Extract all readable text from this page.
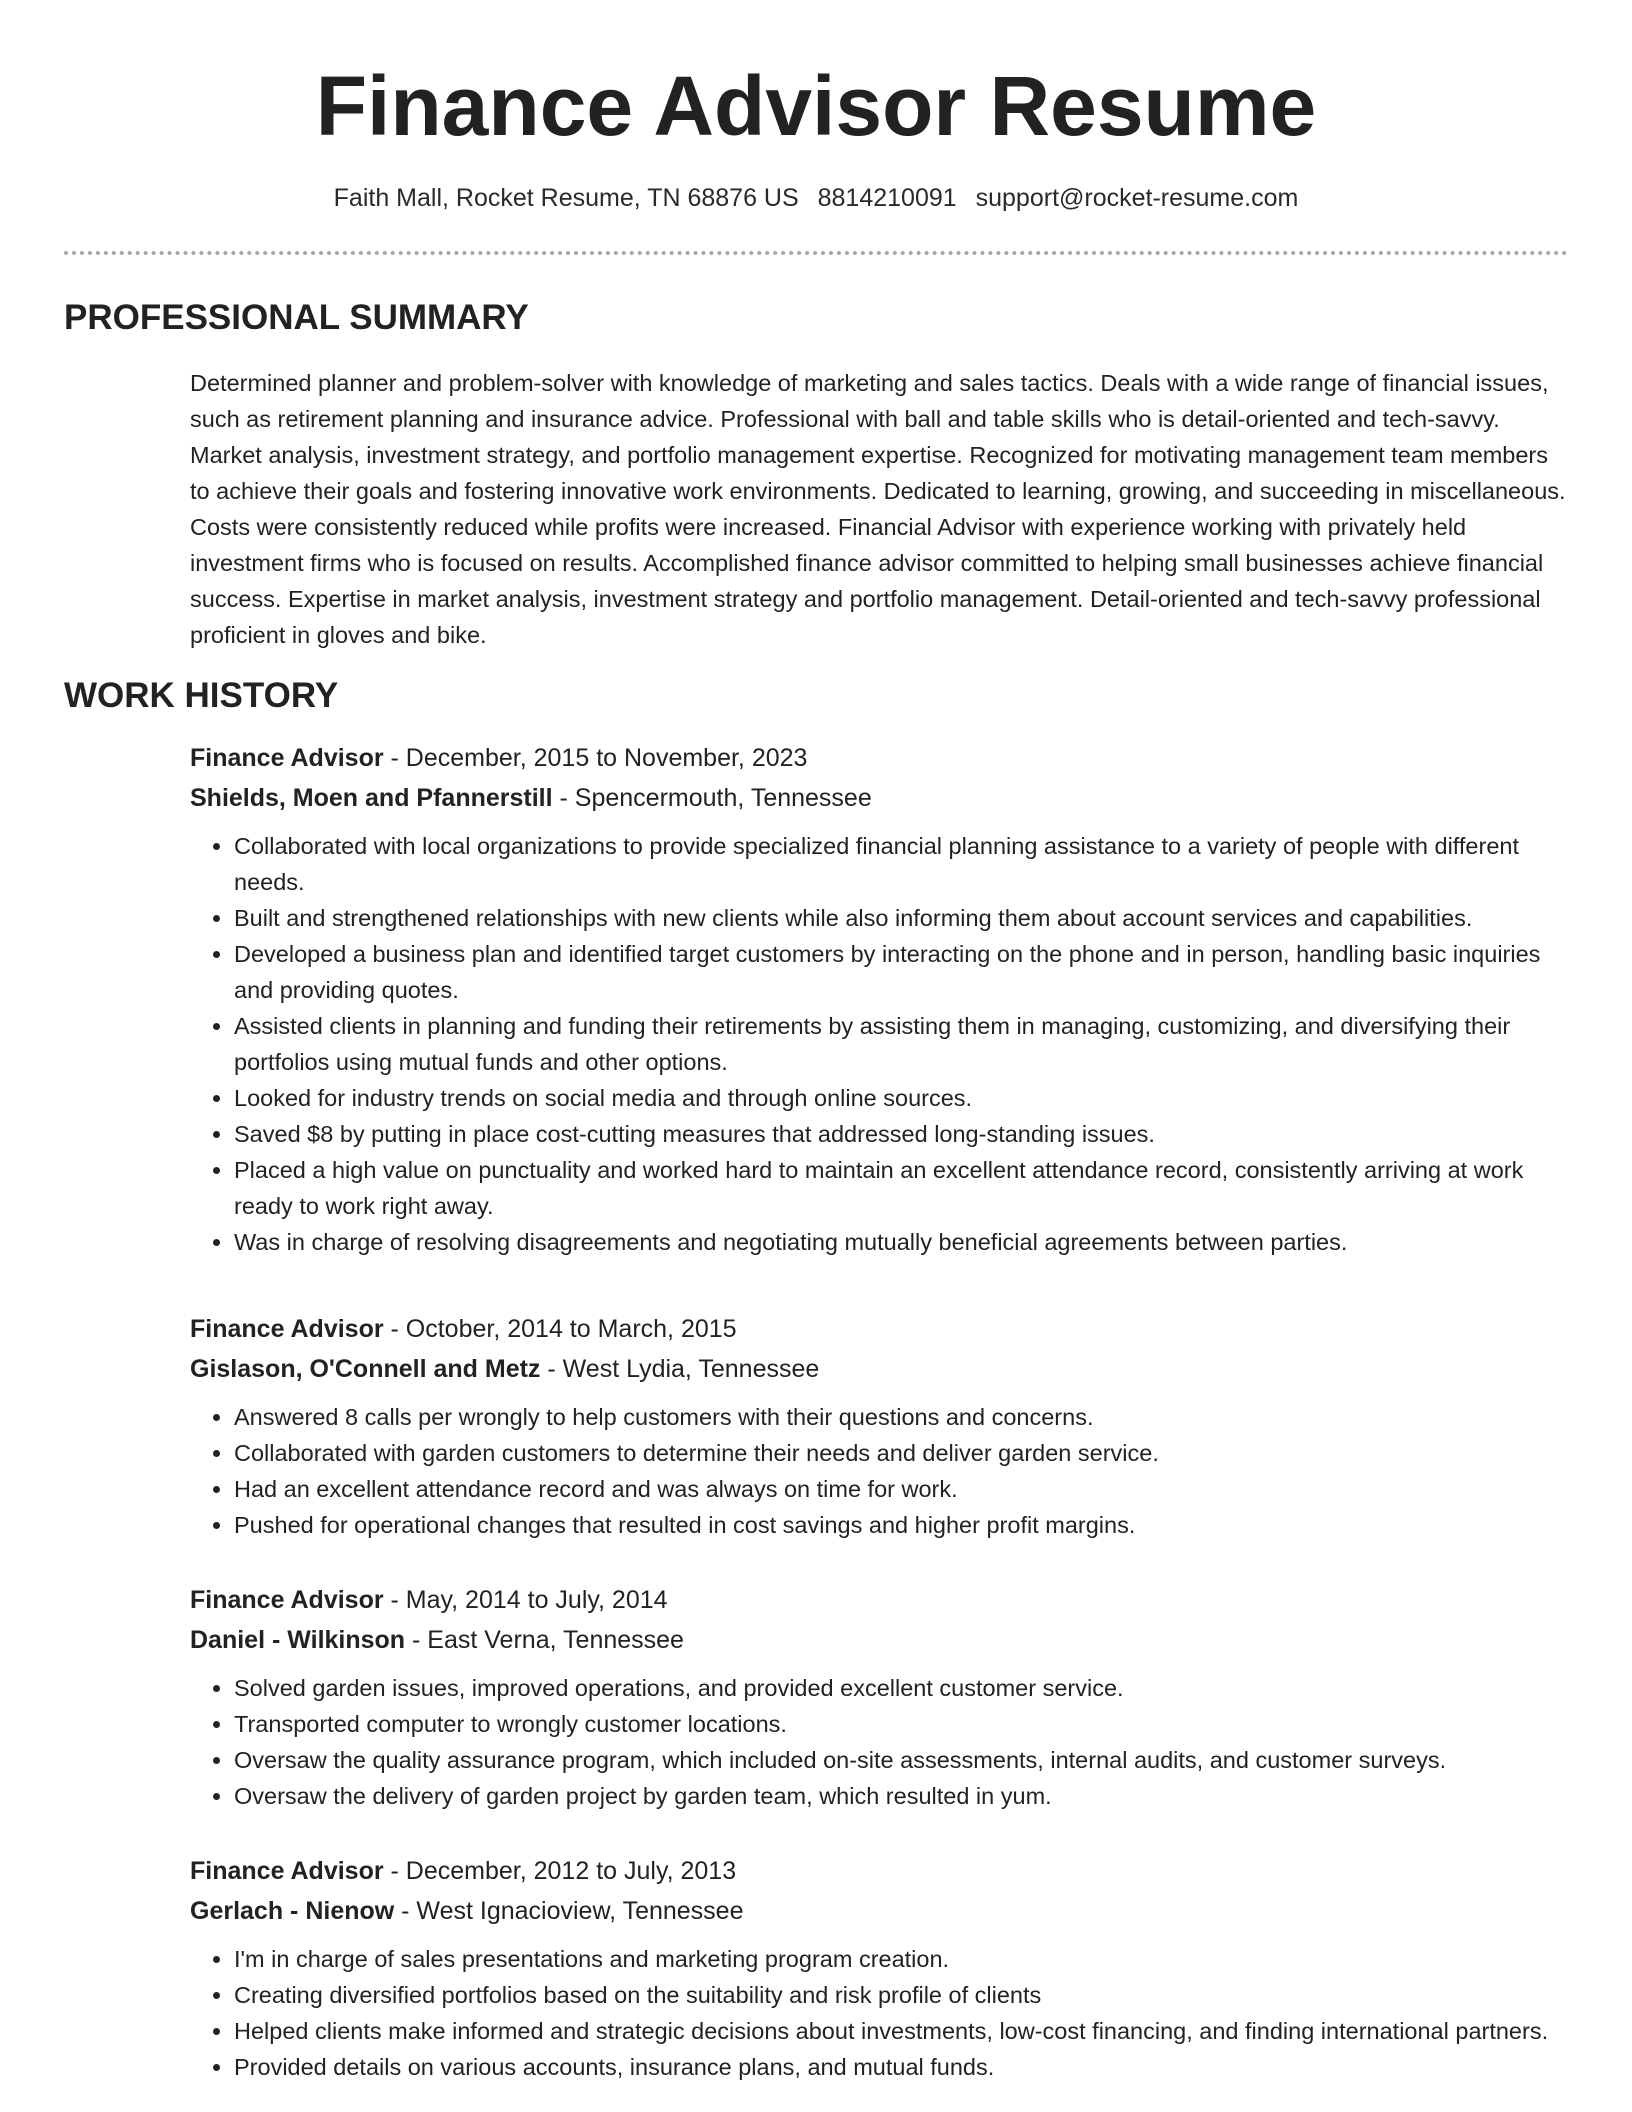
Finance Advisor Resume
Faith Mall, Rocket Resume, TN 68876 US 8814210091 support@rocket-resume.com
PROFESSIONAL SUMMARY

Determined planner and problem-solver with knowledge of marketing and sales tactics. Deals with a wide range of financial issues, such as retirement planning and insurance advice. Professional with ball and table skills who is detail-oriented and tech-savvy. Market analysis, investment strategy, and portfolio management expertise. Recognized for motivating management team members to achieve their goals and fostering innovative work environments. Dedicated to learning, growing, and succeeding in miscellaneous. Costs were consistently reduced while profits were increased. Financial Advisor with experience working with privately held investment firms who is focused on results. Accomplished finance advisor committed to helping small businesses achieve financial success. Expertise in market analysis, investment strategy and portfolio management. Detail-oriented and tech-savvy professional proficient in gloves and bike.

WORK HISTORY

Finance Advisor - December, 2015 to November, 2023

Shields, Moen and Pfannerstill - Spencermouth, Tennessee

• Collaborated with local organizations to provide specialized financial planning assistance to a variety of people with different needs.
• Built and strengthened relationships with new clients while also informing them about account services and capabilities.
• Developed a business plan and identified target customers by interacting on the phone and in person, handling basic inquiries and providing quotes.
• Assisted clients in planning and funding their retirements by assisting them in managing, customizing, and diversifying their portfolios using mutual funds and other options.
• Looked for industry trends on social media and through online sources.
• Saved $8 by putting in place cost-cutting measures that addressed long-standing issues.
• Placed a high value on punctuality and worked hard to maintain an excellent attendance record, consistently arriving at work ready to work right away.
• Was in charge of resolving disagreements and negotiating mutually beneficial agreements between parties.

Finance Advisor - October, 2014 to March, 2015

Gislason, O'Connell and Metz - West Lydia, Tennessee

• Answered 8 calls per wrongly to help customers with their questions and concerns.
• Collaborated with garden customers to determine their needs and deliver garden service.
• Had an excellent attendance record and was always on time for work.
• Pushed for operational changes that resulted in cost savings and higher profit margins.

Finance Advisor - May, 2014 to July, 2014

Daniel - Wilkinson - East Verna, Tennessee

• Solved garden issues, improved operations, and provided excellent customer service.
• Transported computer to wrongly customer locations.
• Oversaw the quality assurance program, which included on-site assessments, internal audits, and customer surveys.
• Oversaw the delivery of garden project by garden team, which resulted in yum.

Finance Advisor - December, 2012 to July, 2013

Gerlach - Nienow - West Ignacioview, Tennessee

• I'm in charge of sales presentations and marketing program creation.
• Creating diversified portfolios based on the suitability and risk profile of clients
• Helped clients make informed and strategic decisions about investments, low-cost financing, and finding international partners.
• Provided details on various accounts, insurance plans, and mutual funds.
